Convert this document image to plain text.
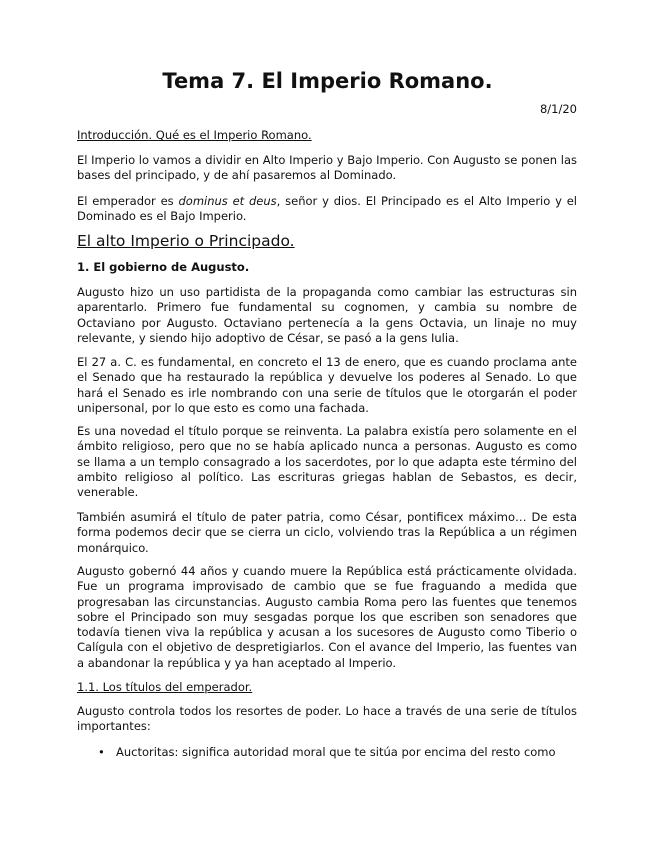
Tema 7. El Imperio Romano.
8/1/20
Introducción. Qué es el Imperio Romano.

El Imperio lo vamos a dividir en Alto Imperio y Bajo Imperio. Con Augusto se ponen las bases del principado, y de ahí pasaremos al Dominado.

El emperador es dominus et deus, señor y dios. El Principado es el Alto Imperio y el Dominado es el Bajo Imperio.

El alto Imperio o Principado.
1. El gobierno de Augusto.

Augusto hizo un uso partidista de la propaganda como cambiar las estructuras sin aparentarlo. Primero fue fundamental su cognomen, y cambia su nombre de Octaviano por Augusto. Octaviano pertenecía a la gens Octavia, un linaje no muy relevante, y siendo hijo adoptivo de César, se pasó a la gens Iulia.

El 27 a. C. es fundamental, en concreto el 13 de enero, que es cuando proclama ante el Senado que ha restaurado la república y devuelve los poderes al Senado. Lo que hará el Senado es irle nombrando con una serie de títulos que le otorgarán el poder unipersonal, por lo que esto es como una fachada.

Es una novedad el título porque se reinventa. La palabra existía pero solamente en el ámbito religioso, pero que no se había aplicado nunca a personas. Augusto es como se llama a un templo consagrado a los sacerdotes, por lo que adapta este término del ambito religioso al político. Las escrituras griegas hablan de Sebastos, es decir, venerable.

También asumirá el título de pater patria, como César, pontificex máximo… De esta forma podemos decir que se cierra un ciclo, volviendo tras la República a un régimen monárquico.

Augusto gobernó 44 años y cuando muere la República está prácticamente olvidada. Fue un programa improvisado de cambio que se fue fraguando a medida que progresaban las circunstancias. Augusto cambia Roma pero las fuentes que tenemos sobre el Principado son muy sesgadas porque los que escriben son senadores que todavía tienen viva la república y acusan a los sucesores de Augusto como Tiberio o Calígula con el objetivo de despretigiarlos. Con el avance del Imperio, las fuentes van a abandonar la república y ya han aceptado al Imperio.

1.1. Los títulos del emperador.

Augusto controla todos los resortes de poder. Lo hace a través de una serie de títulos importantes:

• Auctoritas: significa autoridad moral que te sitúa por encima del resto como
